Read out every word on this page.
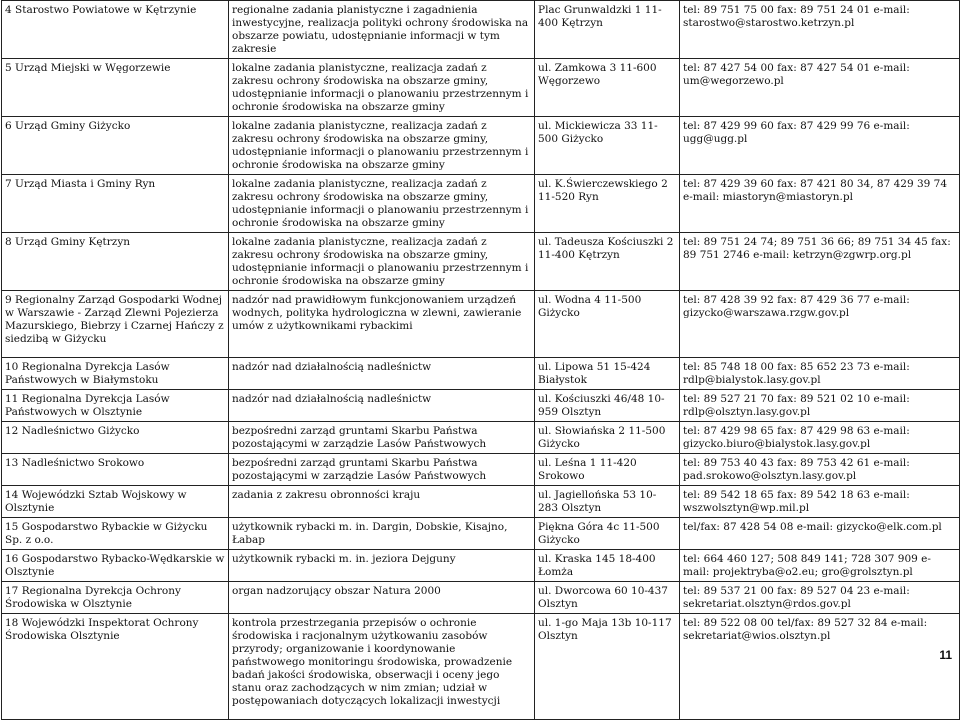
4 Starostwo Powiatowe w Kętrzynie	regionalne zadania planistyczne i zagadnienia inwestycyjne, realizacja polityki ochrony środowiska na obszarze powiatu, udostępnianie informacji w tym zakresie	Plac Grunwaldzki 1 11-400 Kętrzyn	tel: 89 751 75 00 fax: 89 751 24 01 e-mail: starostwo@starostwo.ketrzyn.pl
5 Urząd Miejski w Węgorzewie	lokalne zadania planistyczne, realizacja zadań z zakresu ochrony środowiska na obszarze gminy, udostępnianie informacji o planowaniu przestrzennym i ochronie środowiska na obszarze gminy	ul. Zamkowa 3 11-600 Węgorzewo	tel: 87 427 54 00 fax: 87 427 54 01 e-mail: um@wegorzewo.pl
6 Urząd Gminy Giżycko	lokalne zadania planistyczne, realizacja zadań z zakresu ochrony środowiska na obszarze gminy, udostępnianie informacji o planowaniu przestrzennym i ochronie środowiska na obszarze gminy	ul. Mickiewicza 33 11-500 Giżycko	tel: 87 429 99 60 fax: 87 429 99 76 e-mail: ugg@ugg.pl
7 Urząd Miasta i Gminy Ryn	lokalne zadania planistyczne, realizacja zadań z zakresu ochrony środowiska na obszarze gminy, udostępnianie informacji o planowaniu przestrzennym i ochronie środowiska na obszarze gminy	ul. K.Świerczewskiego 2 11-520 Ryn	tel: 87 429 39 60 fax: 87 421 80 34, 87 429 39 74 e-mail: miastoryn@miastoryn.pl
8 Urząd Gminy Kętrzyn	lokalne zadania planistyczne, realizacja zadań z zakresu ochrony środowiska na obszarze gminy, udostępnianie informacji o planowaniu przestrzennym i ochronie środowiska na obszarze gminy	ul. Tadeusza Kościuszki 2 11-400 Kętrzyn	tel: 89 751 24 74; 89 751 36 66; 89 751 34 45 fax: 89 751 2746 e-mail: ketrzyn@zgwrp.org.pl
9 Regionalny Zarząd Gospodarki Wodnej w Warszawie - Zarząd Zlewni Pojezierza Mazurskiego, Biebrzy i Czarnej Hańczy z siedzibą w Giżycku	nadzór nad prawidłowym funkcjonowaniem urządzeń wodnych, polityka hydrologiczna w zlewni, zawieranie umów z użytkownikami rybackimi	ul. Wodna 4 11-500 Giżycko	tel: 87 428 39 92 fax: 87 429 36 77 e-mail: gizycko@warszawa.rzgw.gov.pl
10 Regionalna Dyrekcja Lasów Państwowych w Białymstoku	nadzór nad działalnością nadleśnictw	ul. Lipowa 51 15-424 Białystok	tel: 85 748 18 00 fax: 85 652 23 73 e-mail: rdlp@bialystok.lasy.gov.pl
11 Regionalna Dyrekcja Lasów Państwowych w Olsztynie	nadzór nad działalnością nadleśnictw	ul. Kościuszki 46/48 10-959 Olsztyn	tel: 89 527 21 70 fax: 89 521 02 10 e-mail: rdlp@olsztyn.lasy.gov.pl
12 Nadleśnictwo Giżycko	bezpośredni zarząd gruntami Skarbu Państwa pozostającymi w zarządzie Lasów Państwowych	ul. Słowiańska 2 11-500 Giżycko	tel: 87 429 98 65 fax: 87 429 98 63 e-mail: gizycko.biuro@bialystok.lasy.gov.pl
13 Nadleśnictwo Srokowo	bezpośredni zarząd gruntami Skarbu Państwa pozostającymi w zarządzie Lasów Państwowych	ul. Leśna 1 11-420 Srokowo	tel: 89 753 40 43 fax: 89 753 42 61 e-mail: pad.srokowo@olsztyn.lasy.gov.pl
14 Wojewódzki Sztab Wojskowy w Olsztynie	zadania z zakresu obronności kraju	ul. Jagiellońska 53 10-283 Olsztyn	tel: 89 542 18 65 fax: 89 542 18 63 e-mail: wszwolsztyn@wp.mil.pl
15 Gospodarstwo Rybackie w Giżycku Sp. z o.o.	użytkownik rybacki m. in. Dargin, Dobskie, Kisajno, Łabap	Piękna Góra 4c 11-500 Giżycko	tel/fax: 87 428 54 08 e-mail: gizycko@elk.com.pl
16 Gospodarstwo Rybacko-Wędkarskie w Olsztynie	użytkownik rybacki m. in. jeziora Dejguny	ul. Kraska 145 18-400 Łomża	tel: 664 460 127; 508 849 141; 728 307 909 e-mail: projektryba@o2.eu; gro@grolsztyn.pl
17 Regionalna Dyrekcja Ochrony Środowiska w Olsztynie	organ nadzorujący obszar Natura 2000	ul. Dworcowa 60 10-437 Olsztyn	tel: 89 537 21 00 fax: 89 527 04 23 e-mail: sekretariat.olsztyn@rdos.gov.pl
18 Wojewódzki Inspektorat Ochrony Środowiska Olsztynie	kontrola przestrzegania przepisów o ochronie środowiska i racjonalnym użytkowaniu zasobów przyrody; organizowanie i koordynowanie państwowego monitoringu środowiska, prowadzenie badań jakości środowiska, obserwacji i oceny jego stanu oraz zachodzących w nim zmian; udział w postępowaniach dotyczących lokalizacji inwestycji	ul. 1-go Maja 13b 10-117 Olsztyn	tel: 89 522 08 00 tel/fax: 89 527 32 84 e-mail: sekretariat@wios.olsztyn.pl
11
